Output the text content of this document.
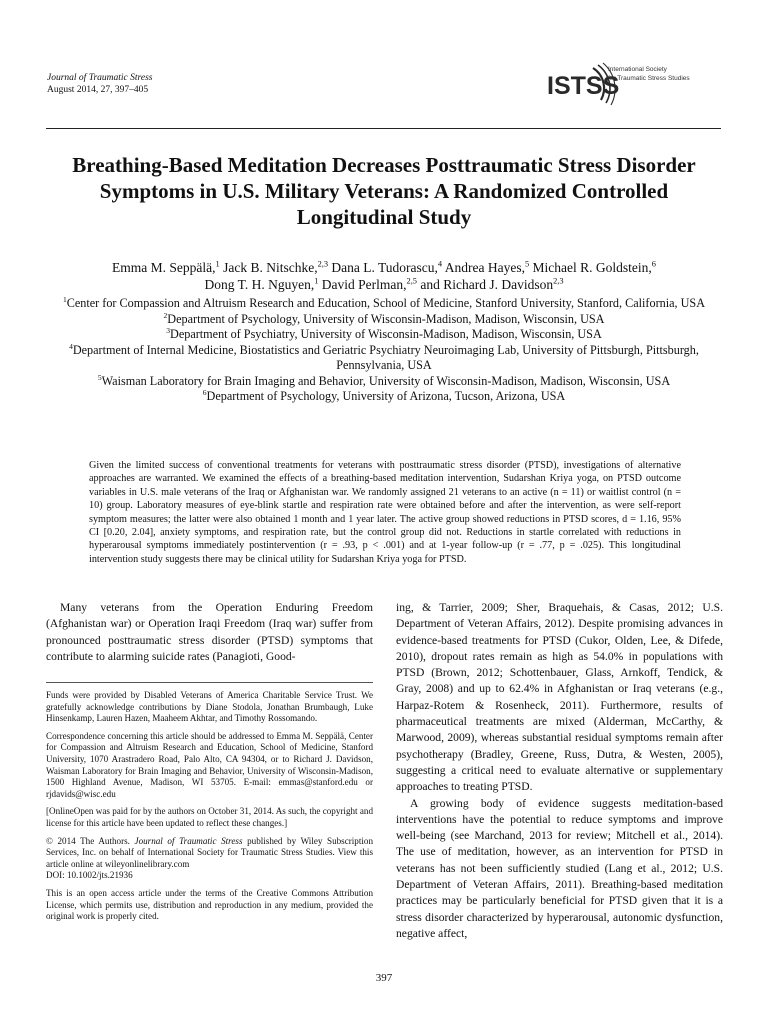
Journal of Traumatic Stress
August 2014, 27, 397–405	ISTSS
International Society
for Traumatic Stress Studies
Breathing-Based Meditation Decreases Posttraumatic Stress Disorder Symptoms in U.S. Military Veterans: A Randomized Controlled Longitudinal Study
Emma M. Seppälä,$^1$ Jack B. Nitschke,$^{2,3}$ Dana L. Tudorascu,$^4$ Andrea Hayes,$^5$ Michael R. Goldstein,$^6$
Dong T. H. Nguyen,$^1$ David Perlman,$^{2,5}$ and Richard J. Davidson$^{2,3}$
$^1$Center for Compassion and Altruism Research and Education, School of Medicine, Stanford University, Stanford, California, USA
$^2$Department of Psychology, University of Wisconsin-Madison, Madison, Wisconsin, USA
$^3$Department of Psychiatry, University of Wisconsin-Madison, Madison, Wisconsin, USA
$^4$Department of Internal Medicine, Biostatistics and Geriatric Psychiatry Neuroimaging Lab, University of Pittsburgh, Pittsburgh, Pennsylvania, USA
$^5$Waisman Laboratory for Brain Imaging and Behavior, University of Wisconsin-Madison, Madison, Wisconsin, USA
$^6$Department of Psychology, University of Arizona, Tucson, Arizona, USA
Given the limited success of conventional treatments for veterans with posttraumatic stress disorder (PTSD), investigations of alternative approaches are warranted. We examined the effects of a breathing-based meditation intervention, Sudarshan Kriya yoga, on PTSD outcome variables in U.S. male veterans of the Iraq or Afghanistan war. We randomly assigned 21 veterans to an active (n = 11) or waitlist control (n = 10) group. Laboratory measures of eye-blink startle and respiration rate were obtained before and after the intervention, as were self-report symptom measures; the latter were also obtained 1 month and 1 year later. The active group showed reductions in PTSD scores, d = 1.16, 95% CI [0.20, 2.04], anxiety symptoms, and respiration rate, but the control group did not. Reductions in startle correlated with reductions in hyperarousal symptoms immediately postintervention (r = .93, p < .001) and at 1-year follow-up (r = .77, p = .025). This longitudinal intervention study suggests there may be clinical utility for Sudarshan Kriya yoga for PTSD.
Many veterans from the Operation Enduring Freedom (Afghanistan war) or Operation Iraqi Freedom (Iraq war) suffer from pronounced posttraumatic stress disorder (PTSD) symptoms that contribute to alarming suicide rates (Panagioti, Good-

Funds were provided by Disabled Veterans of America Charitable Service Trust. We gratefully acknowledge contributions by Diane Stodola, Jonathan Brumbaugh, Luke Hinsenkamp, Lauren Hazen, Maaheem Akhtar, and Timothy Rossomando.

Correspondence concerning this article should be addressed to Emma M. Seppälä, Center for Compassion and Altruism Research and Education, School of Medicine, Stanford University, 1070 Arastradero Road, Palo Alto, CA 94304, or to Richard J. Davidson, Waisman Laboratory for Brain Imaging and Behavior, University of Wisconsin-Madison, 1500 Highland Avenue, Madison, WI 53705. E-mail: emmas@stanford.edu or rjdavids@wisc.edu

[OnlineOpen was paid for by the authors on October 31, 2014. As such, the copyright and license for this article have been updated to reflect these changes.]

© 2014 The Authors. Journal of Traumatic Stress published by Wiley Subscription Services, Inc. on behalf of International Society for Traumatic Stress Studies. View this article online at wileyonlinelibrary.com

DOI: 10.1002/jts.21936

This is an open access article under the terms of the Creative Commons Attribution License, which permits use, distribution and reproduction in any medium, provided the original work is properly cited.

ing, & Tarrier, 2009; Sher, Braquehais, & Casas, 2012; U.S. Department of Veteran Affairs, 2012). Despite promising advances in evidence-based treatments for PTSD (Cukor, Olden, Lee, & Difede, 2010), dropout rates remain as high as 54.0% in populations with PTSD (Brown, 2012; Schottenbauer, Glass, Arnkoff, Tendick, & Gray, 2008) and up to 62.4% in Afghanistan or Iraq veterans (e.g., Harpaz-Rotem & Rosenheck, 2011). Furthermore, results of pharmaceutical treatments are mixed (Alderman, McCarthy, & Marwood, 2009), whereas substantial residual symptoms remain after psychotherapy (Bradley, Greene, Russ, Dutra, & Westen, 2005), suggesting a critical need to evaluate alternative or supplementary approaches to treating PTSD.

A growing body of evidence suggests meditation-based interventions have the potential to reduce symptoms and improve well-being (see Marchand, 2013 for review; Mitchell et al., 2014). The use of meditation, however, as an intervention for PTSD in veterans has not been sufficiently studied (Lang et al., 2012; U.S. Department of Veteran Affairs, 2011). Breathing-based meditation practices may be particularly beneficial for PTSD given that it is a stress disorder characterized by hyperarousal, autonomic dysfunction, negative affect,

397
